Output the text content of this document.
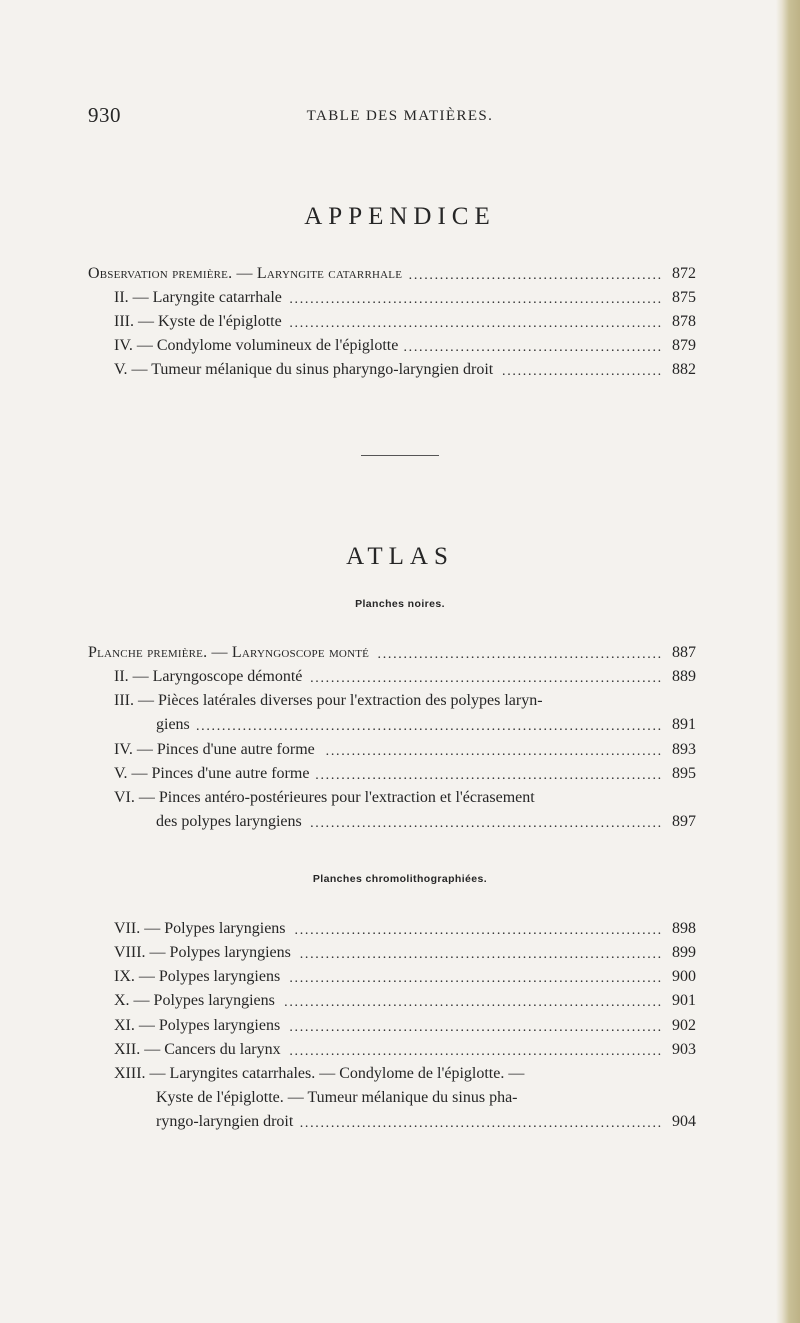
930	TABLE DES MATIÈRES.
APPENDICE
Observation première. — Laryngite catarrhale . . . . . . . . . . . . . . . . . . . . . . . . . . . . . . . . . . . . . . . . . . . . . . . . . 872
II. — Laryngite catarrhale . . . . . . . . . . . . . . . . . . . . . . . . . . . . . . . . . . . . . . . . . . . . . . . . . . . . . . . . . . . . . . . . . . . . . . . . 875
III. — Kyste de l'épiglotte . . . . . . . . . . . . . . . . . . . . . . . . . . . . . . . . . . . . . . . . . . . . . . . . . . . . . . . . . . . . . . . . . . . . . . . . 878
IV. — Condylome volumineux de l'épiglotte . . . . . . . . . . . . . . . . . . . . . . . . . . . . . . . . . . . . . . . . . . . . . . . . . . 879
V. — Tumeur mélanique du sinus pharyngo-laryngien droit . . . . . . . . . . . . . . . . . . . . . . . . . . . . . . . 882
ATLAS
Planches noires.
Planche première. — Laryngoscope monté . . . . . . . . . . . . . . . . . . . . . . . . . . . . . . . . . . . . . . . . . . . . . . . . . . . . . . . 887
II. — Laryngoscope démonté . . . . . . . . . . . . . . . . . . . . . . . . . . . . . . . . . . . . . . . . . . . . . . . . . . . . . . . . . . . . . . . . . . . . 889
III. — Pièces latérales diverses pour l'extraction des polypes laryn-
giens . . . . . . . . . . . . . . . . . . . . . . . . . . . . . . . . . . . . . . . . . . . . . . . . . . . . . . . . . . . . . . . . . . . . . . . . . . . . . . . . . . . . . . . . . . 891
IV. — Pinces d'une autre forme . . . . . . . . . . . . . . . . . . . . . . . . . . . . . . . . . . . . . . . . . . . . . . . . . . . . . . . . . . . . . . . . . 893
V. — Pinces d'une autre forme . . . . . . . . . . . . . . . . . . . . . . . . . . . . . . . . . . . . . . . . . . . . . . . . . . . . . . . . . . . . . . . . . . . 895
VI. — Pinces antéro-postérieures pour l'extraction et l'écrasement
des polypes laryngiens . . . . . . . . . . . . . . . . . . . . . . . . . . . . . . . . . . . . . . . . . . . . . . . . . . . . . . . . . . . . . . . . . . . . 897
Planches chromolithographiées.
VII. — Polypes laryngiens . . . . . . . . . . . . . . . . . . . . . . . . . . . . . . . . . . . . . . . . . . . . . . . . . . . . . . . . . . . . . . . . . . . . . . . 898
VIII. — Polypes laryngiens . . . . . . . . . . . . . . . . . . . . . . . . . . . . . . . . . . . . . . . . . . . . . . . . . . . . . . . . . . . . . . . . . . . . . . 899
IX. — Polypes laryngiens . . . . . . . . . . . . . . . . . . . . . . . . . . . . . . . . . . . . . . . . . . . . . . . . . . . . . . . . . . . . . . . . . . . . . . . . 900
X. — Polypes laryngiens . . . . . . . . . . . . . . . . . . . . . . . . . . . . . . . . . . . . . . . . . . . . . . . . . . . . . . . . . . . . . . . . . . . . . . . . . 901
XI. — Polypes laryngiens . . . . . . . . . . . . . . . . . . . . . . . . . . . . . . . . . . . . . . . . . . . . . . . . . . . . . . . . . . . . . . . . . . . . . . . . 902
XII. — Cancers du larynx . . . . . . . . . . . . . . . . . . . . . . . . . . . . . . . . . . . . . . . . . . . . . . . . . . . . . . . . . . . . . . . . . . . . . . . . 903
XIII. — Laryngites catarrhales. — Condylome de l'épiglotte. —
Kyste de l'épiglotte. — Tumeur mélanique du sinus pha-
ryngo-laryngien droit . . . . . . . . . . . . . . . . . . . . . . . . . . . . . . . . . . . . . . . . . . . . . . . . . . . . . . . . . . . . . . . . . . . . . . 904
